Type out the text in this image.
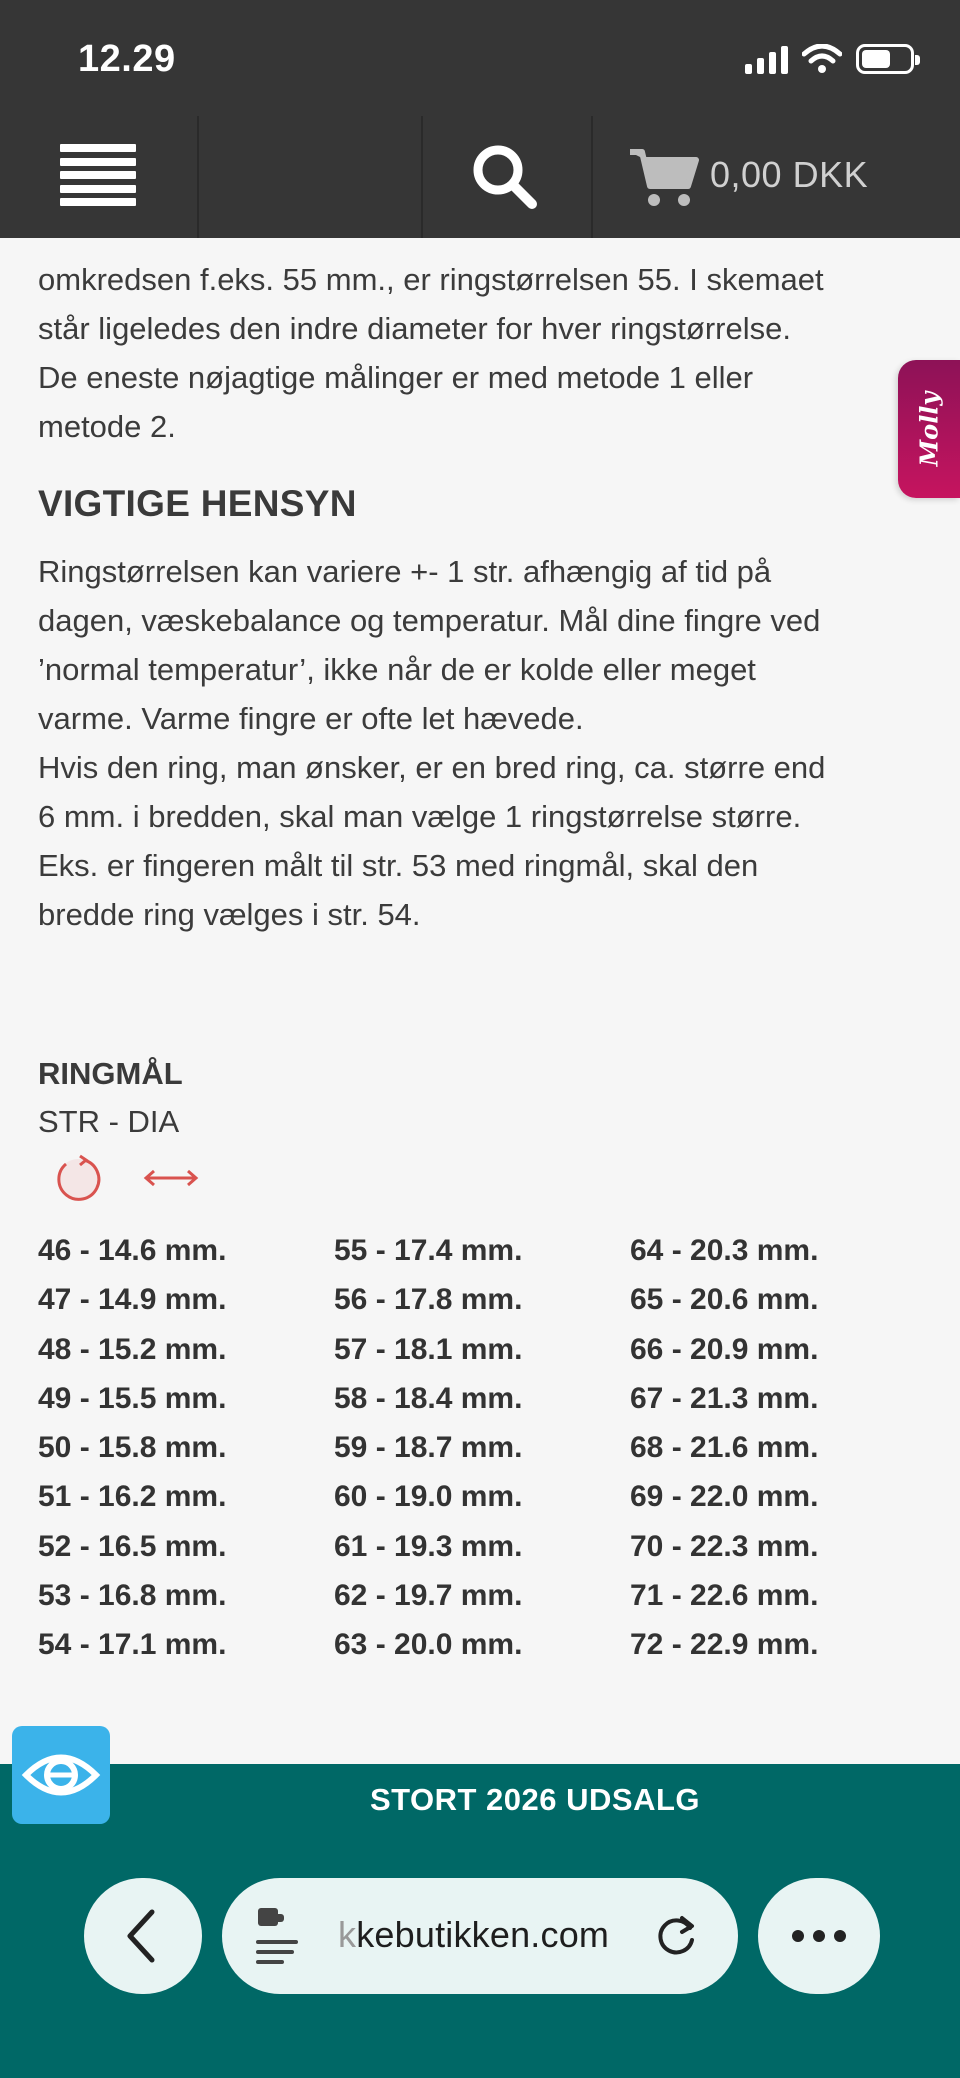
12.29
0,00 DKK
omkredsen f.eks. 55 mm., er ringstørrelsen 55. I skemaet
står ligeledes den indre diameter for hver ringstørrelse.
De eneste nøjagtige målinger er med metode 1 eller
metode 2.
VIGTIGE HENSYN
Ringstørrelsen kan variere +- 1 str. afhængig af tid på
dagen, væskebalance og temperatur. Mål dine fingre ved
’normal temperatur’, ikke når de er kolde eller meget
varme. Varme fingre er ofte let hævede.
Hvis den ring, man ønsker, er en bred ring, ca. større end
6 mm. i bredden, skal man vælge 1 ringstørrelse større.
Eks. er fingeren målt til str. 53 med ringmål, skal den
bredde ring vælges i str. 54.
RINGMÅL
STR - DIA
46 - 14.6 mm.
47 - 14.9 mm.
48 - 15.2 mm.
49 - 15.5 mm.
50 - 15.8 mm.
51 - 16.2 mm.
52 - 16.5 mm.
53 - 16.8 mm.
54 - 17.1 mm.
55 - 17.4 mm.
56 - 17.8 mm.
57 - 18.1 mm.
58 - 18.4 mm.
59 - 18.7 mm.
60 - 19.0 mm.
61 - 19.3 mm.
62 - 19.7 mm.
63 - 20.0 mm.
64 - 20.3 mm.
65 - 20.6 mm.
66 - 20.9 mm.
67 - 21.3 mm.
68 - 21.6 mm.
69 - 22.0 mm.
70 - 22.3 mm.
71 - 22.6 mm.
72 - 22.9 mm.
Molly
STORT 2026 UDSALG
kkebutikken.com
